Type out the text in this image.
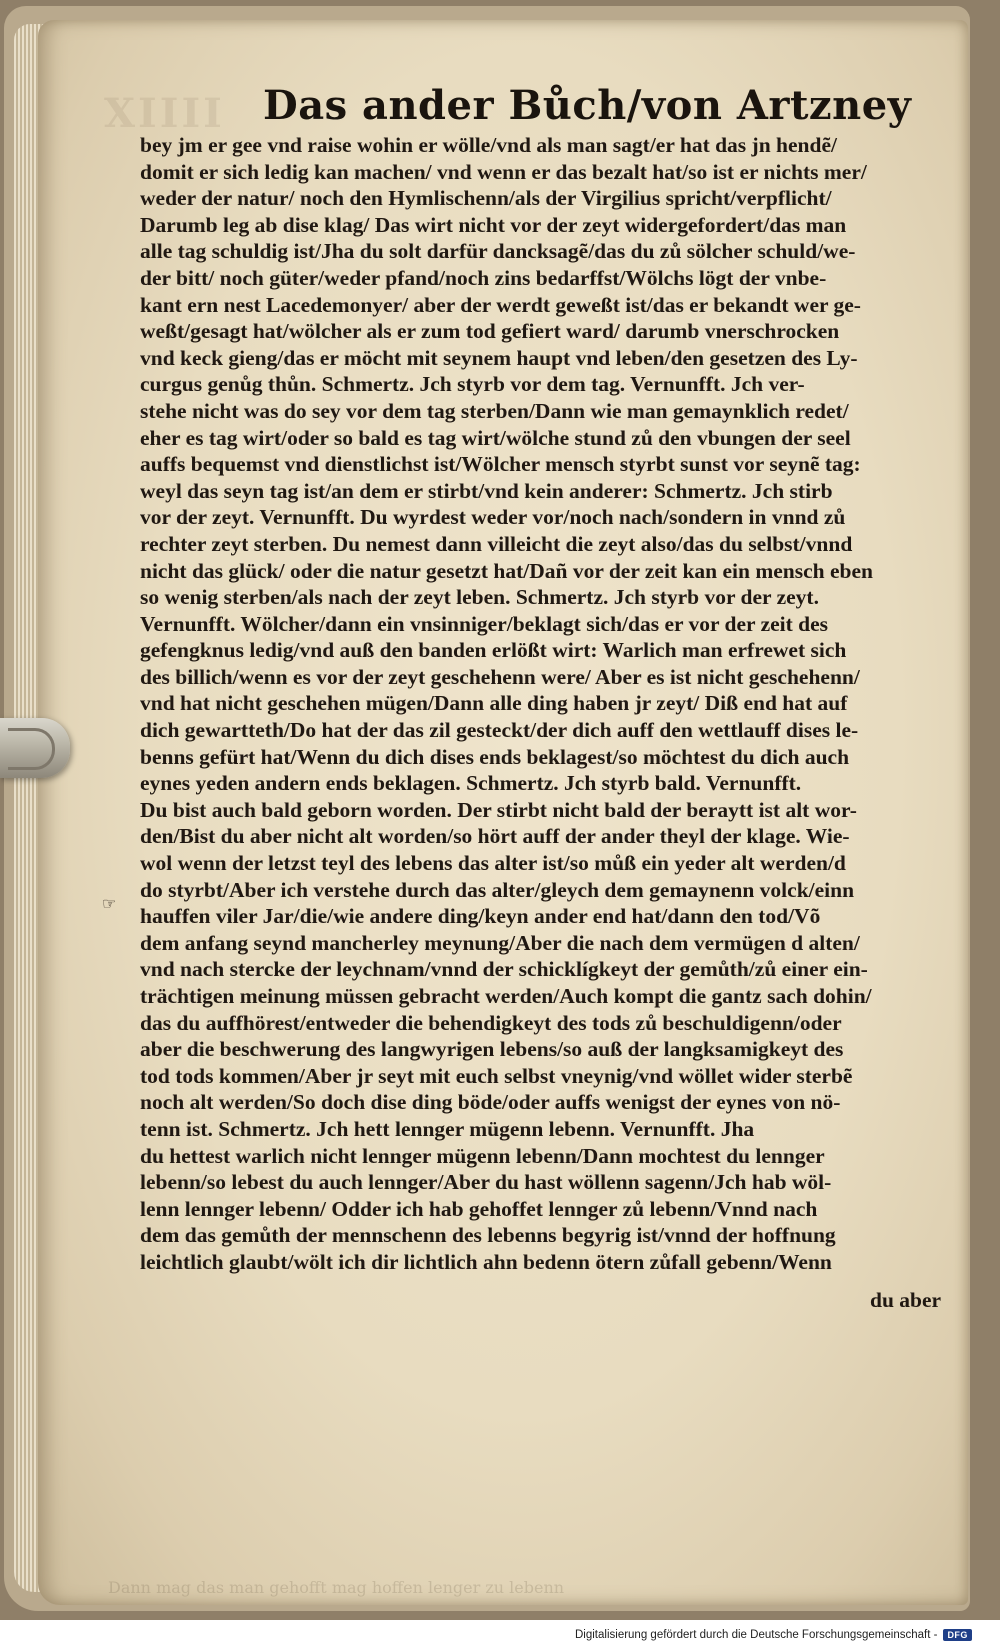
XIIII
Dann mag das man gehofft mag hoffen lenger zu lebenn
Das ander Bůch/von Artzney
☞
bey jm er gee vnd raise wohin er wölle/vnd als man sagt/er hat das jn hendẽ/
domit er sich ledig kan machen/ vnd wenn er das bezalt hat/so ist er nichts mer/
weder der natur/ noch den Hymlischenn/als der Virgilius spricht/verpflicht/
Darumb leg ab dise klag/ Das wirt nicht vor der zeyt widergefordert/das man
alle tag schuldig ist/Jha du solt darfür dancksagẽ/das du zů sölcher schuld/we-
der bitt/ noch güter/weder pfand/noch zins bedarffst/Wölchs lögt der vnbe-
kant ern nest Lacedemonyer/ aber der werdt geweßt ist/das er bekandt wer ge-
weßt/gesagt hat/wölcher als er zum tod gefiert ward/ darumb vnerschrocken
vnd keck gieng/das er möcht mit seynem haupt vnd leben/den gesetzen des Ly-
curgus genůg thůn. Schmertz. Jch styrb vor dem tag. Vernunfft. Jch ver-
stehe nicht was do sey vor dem tag sterben/Dann wie man gemaynklich redet/
eher es tag wirt/oder so bald es tag wirt/wölche stund zů den vbungen der seel
auffs bequemst vnd dienstlichst ist/Wölcher mensch styrbt sunst vor seynẽ tag:
weyl das seyn tag ist/an dem er stirbt/vnd kein anderer: Schmertz. Jch stirb
vor der zeyt. Vernunfft. Du wyrdest weder vor/noch nach/sondern in vnnd zů
rechter zeyt sterben. Du nemest dann villeicht die zeyt also/das du selbst/vnnd
nicht das glück/ oder die natur gesetzt hat/Dañ vor der zeit kan ein mensch eben
so wenig sterben/als nach der zeyt leben. Schmertz. Jch styrb vor der zeyt.
Vernunfft. Wölcher/dann ein vnsinniger/beklagt sich/das er vor der zeit des
gefengknus ledig/vnd auß den banden erlößt wirt: Warlich man erfrewet sich
des billich/wenn es vor der zeyt geschehenn were/ Aber es ist nicht geschehenn/
vnd hat nicht geschehen mügen/Dann alle ding haben jr zeyt/ Diß end hat auf
dich gewartteth/Do hat der das zil gesteckt/der dich auff den wettlauff dises le-
benns gefürt hat/Wenn du dich dises ends beklagest/so möchtest du dich auch
eynes yeden andern ends beklagen. Schmertz. Jch styrb bald. Vernunfft.
Du bist auch bald geborn worden. Der stirbt nicht bald der beraytt ist alt wor-
den/Bist du aber nicht alt worden/so hört auff der ander theyl der klage. Wie-
wol wenn der letzst teyl des lebens das alter ist/so můß ein yeder alt werden/d
do styrbt/Aber ich verstehe durch das alter/gleych dem gemaynenn volck/einn
hauffen viler Jar/die/wie andere ding/keyn ander end hat/dann den tod/Võ
dem anfang seynd mancherley meynung/Aber die nach dem vermügen d alten/
vnd nach stercke der leychnam/vnnd der schicklígkeyt der gemůth/zů einer ein-
trächtigen meinung müssen gebracht werden/Auch kompt die gantz sach dohin/
das du auffhörest/entweder die behendigkeyt des tods zů beschuldigenn/oder
aber die beschwerung des langwyrigen lebens/so auß der langksamigkeyt des
tod tods kommen/Aber jr seyt mit euch selbst vneynig/vnd wöllet wider sterbẽ
noch alt werden/So doch dise ding böde/oder auffs wenigst der eynes von nö-
tenn ist. Schmertz. Jch hett lennger mügenn lebenn. Vernunfft. Jha
du hettest warlich nicht lennger mügenn lebenn/Dann mochtest du lennger
lebenn/so lebest du auch lennger/Aber du hast wöllenn sagenn/Jch hab wöl-
lenn lennger lebenn/ Odder ich hab gehoffet lennger zů lebenn/Vnnd nach
dem das gemůth der mennschenn des lebenns begyrig ist/vnnd der hoffnung
leichtlich glaubt/wölt ich dir lichtlich ahn bedenn ötern zůfall gebenn/Wenn
du aber
Digitalisierung gefördert durch die Deutsche Forschungsgemeinschaft -	DFG
